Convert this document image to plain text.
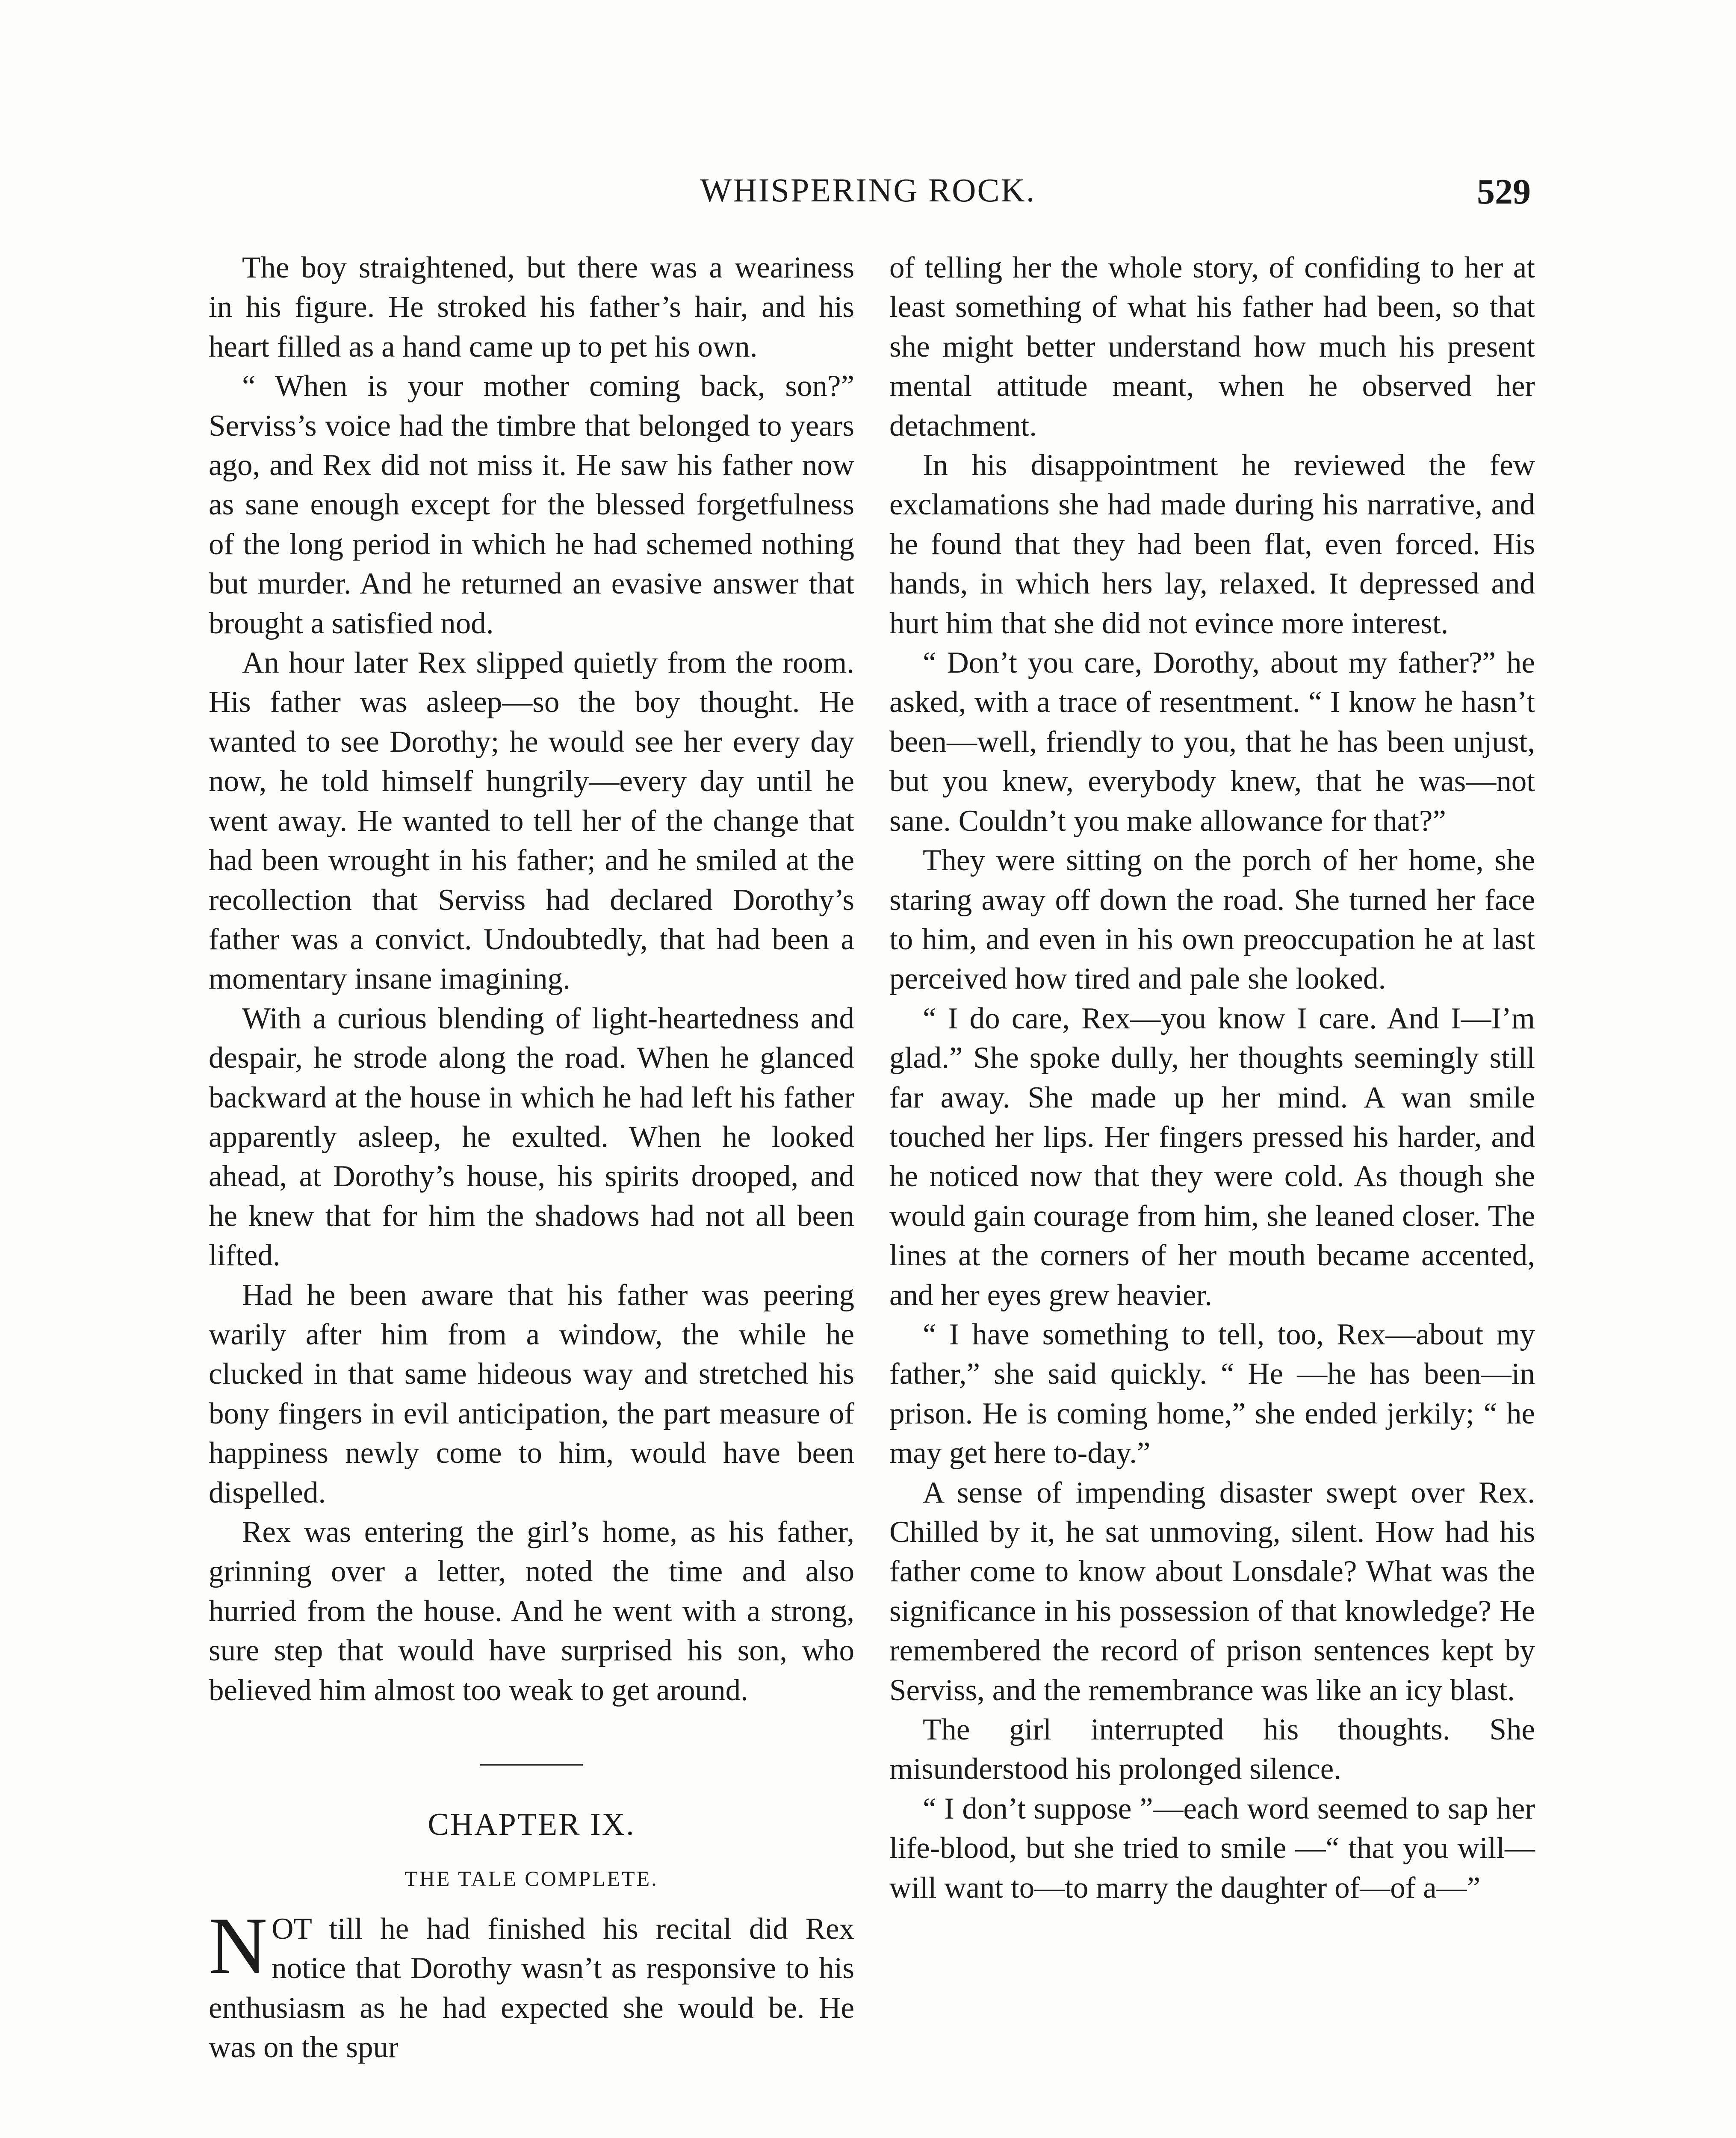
WHISPERING ROCK.	529

The boy straightened, but there was a weariness in his figure. He stroked his father’s hair, and his heart filled as a hand came up to pet his own.

“ When is your mother coming back, son?” Serviss’s voice had the timbre that belonged to years ago, and Rex did not miss it. He saw his father now as sane enough except for the blessed forgetfulness of the long period in which he had schemed nothing but murder. And he returned an evasive answer that brought a satisfied nod.

An hour later Rex slipped quietly from the room. His father was asleep—so the boy thought. He wanted to see Dorothy; he would see her every day now, he told himself hungrily—every day until he went away. He wanted to tell her of the change that had been wrought in his father; and he smiled at the recollection that Serviss had declared Dorothy’s father was a convict. Undoubtedly, that had been a momentary insane imagining.

With a curious blending of light-heartedness and despair, he strode along the road. When he glanced backward at the house in which he had left his father apparently asleep, he exulted. When he looked ahead, at Dorothy’s house, his spirits drooped, and he knew that for him the shadows had not all been lifted.

Had he been aware that his father was peering warily after him from a window, the while he clucked in that same hideous way and stretched his bony fingers in evil anticipation, the part measure of happiness newly come to him, would have been dispelled.

Rex was entering the girl’s home, as his father, grinning over a letter, noted the time and also hurried from the house. And he went with a strong, sure step that would have surprised his son, who believed him almost too weak to get around.

CHAPTER IX.
THE TALE COMPLETE.

NOT till he had finished his recital did Rex notice that Dorothy wasn’t as responsive to his enthusiasm as he had expected she would be. He was on the spur

of telling her the whole story, of confiding to her at least something of what his father had been, so that she might better understand how much his present mental attitude meant, when he observed her detachment.

In his disappointment he reviewed the few exclamations she had made during his narrative, and he found that they had been flat, even forced. His hands, in which hers lay, relaxed. It depressed and hurt him that she did not evince more interest.

“ Don’t you care, Dorothy, about my father?” he asked, with a trace of resentment. “ I know he hasn’t been—well, friendly to you, that he has been unjust, but you knew, everybody knew, that he was—not sane. Couldn’t you make allowance for that?”

They were sitting on the porch of her home, she staring away off down the road. She turned her face to him, and even in his own preoccupation he at last perceived how tired and pale she looked.

“ I do care, Rex—you know I care. And I—I’m glad.” She spoke dully, her thoughts seemingly still far away. She made up her mind. A wan smile touched her lips. Her fingers pressed his harder, and he noticed now that they were cold. As though she would gain courage from him, she leaned closer. The lines at the corners of her mouth became accented, and her eyes grew heavier.

“ I have something to tell, too, Rex—about my father,” she said quickly. “ He —he has been—in prison. He is coming home,” she ended jerkily; “ he may get here to-day.”

A sense of impending disaster swept over Rex. Chilled by it, he sat unmoving, silent. How had his father come to know about Lonsdale? What was the significance in his possession of that knowledge? He remembered the record of prison sentences kept by Serviss, and the remembrance was like an icy blast.

The girl interrupted his thoughts. She misunderstood his prolonged silence.

“ I don’t suppose ”—each word seemed to sap her life-blood, but she tried to smile —“ that you will—will want to—to marry the daughter of—of a—”
